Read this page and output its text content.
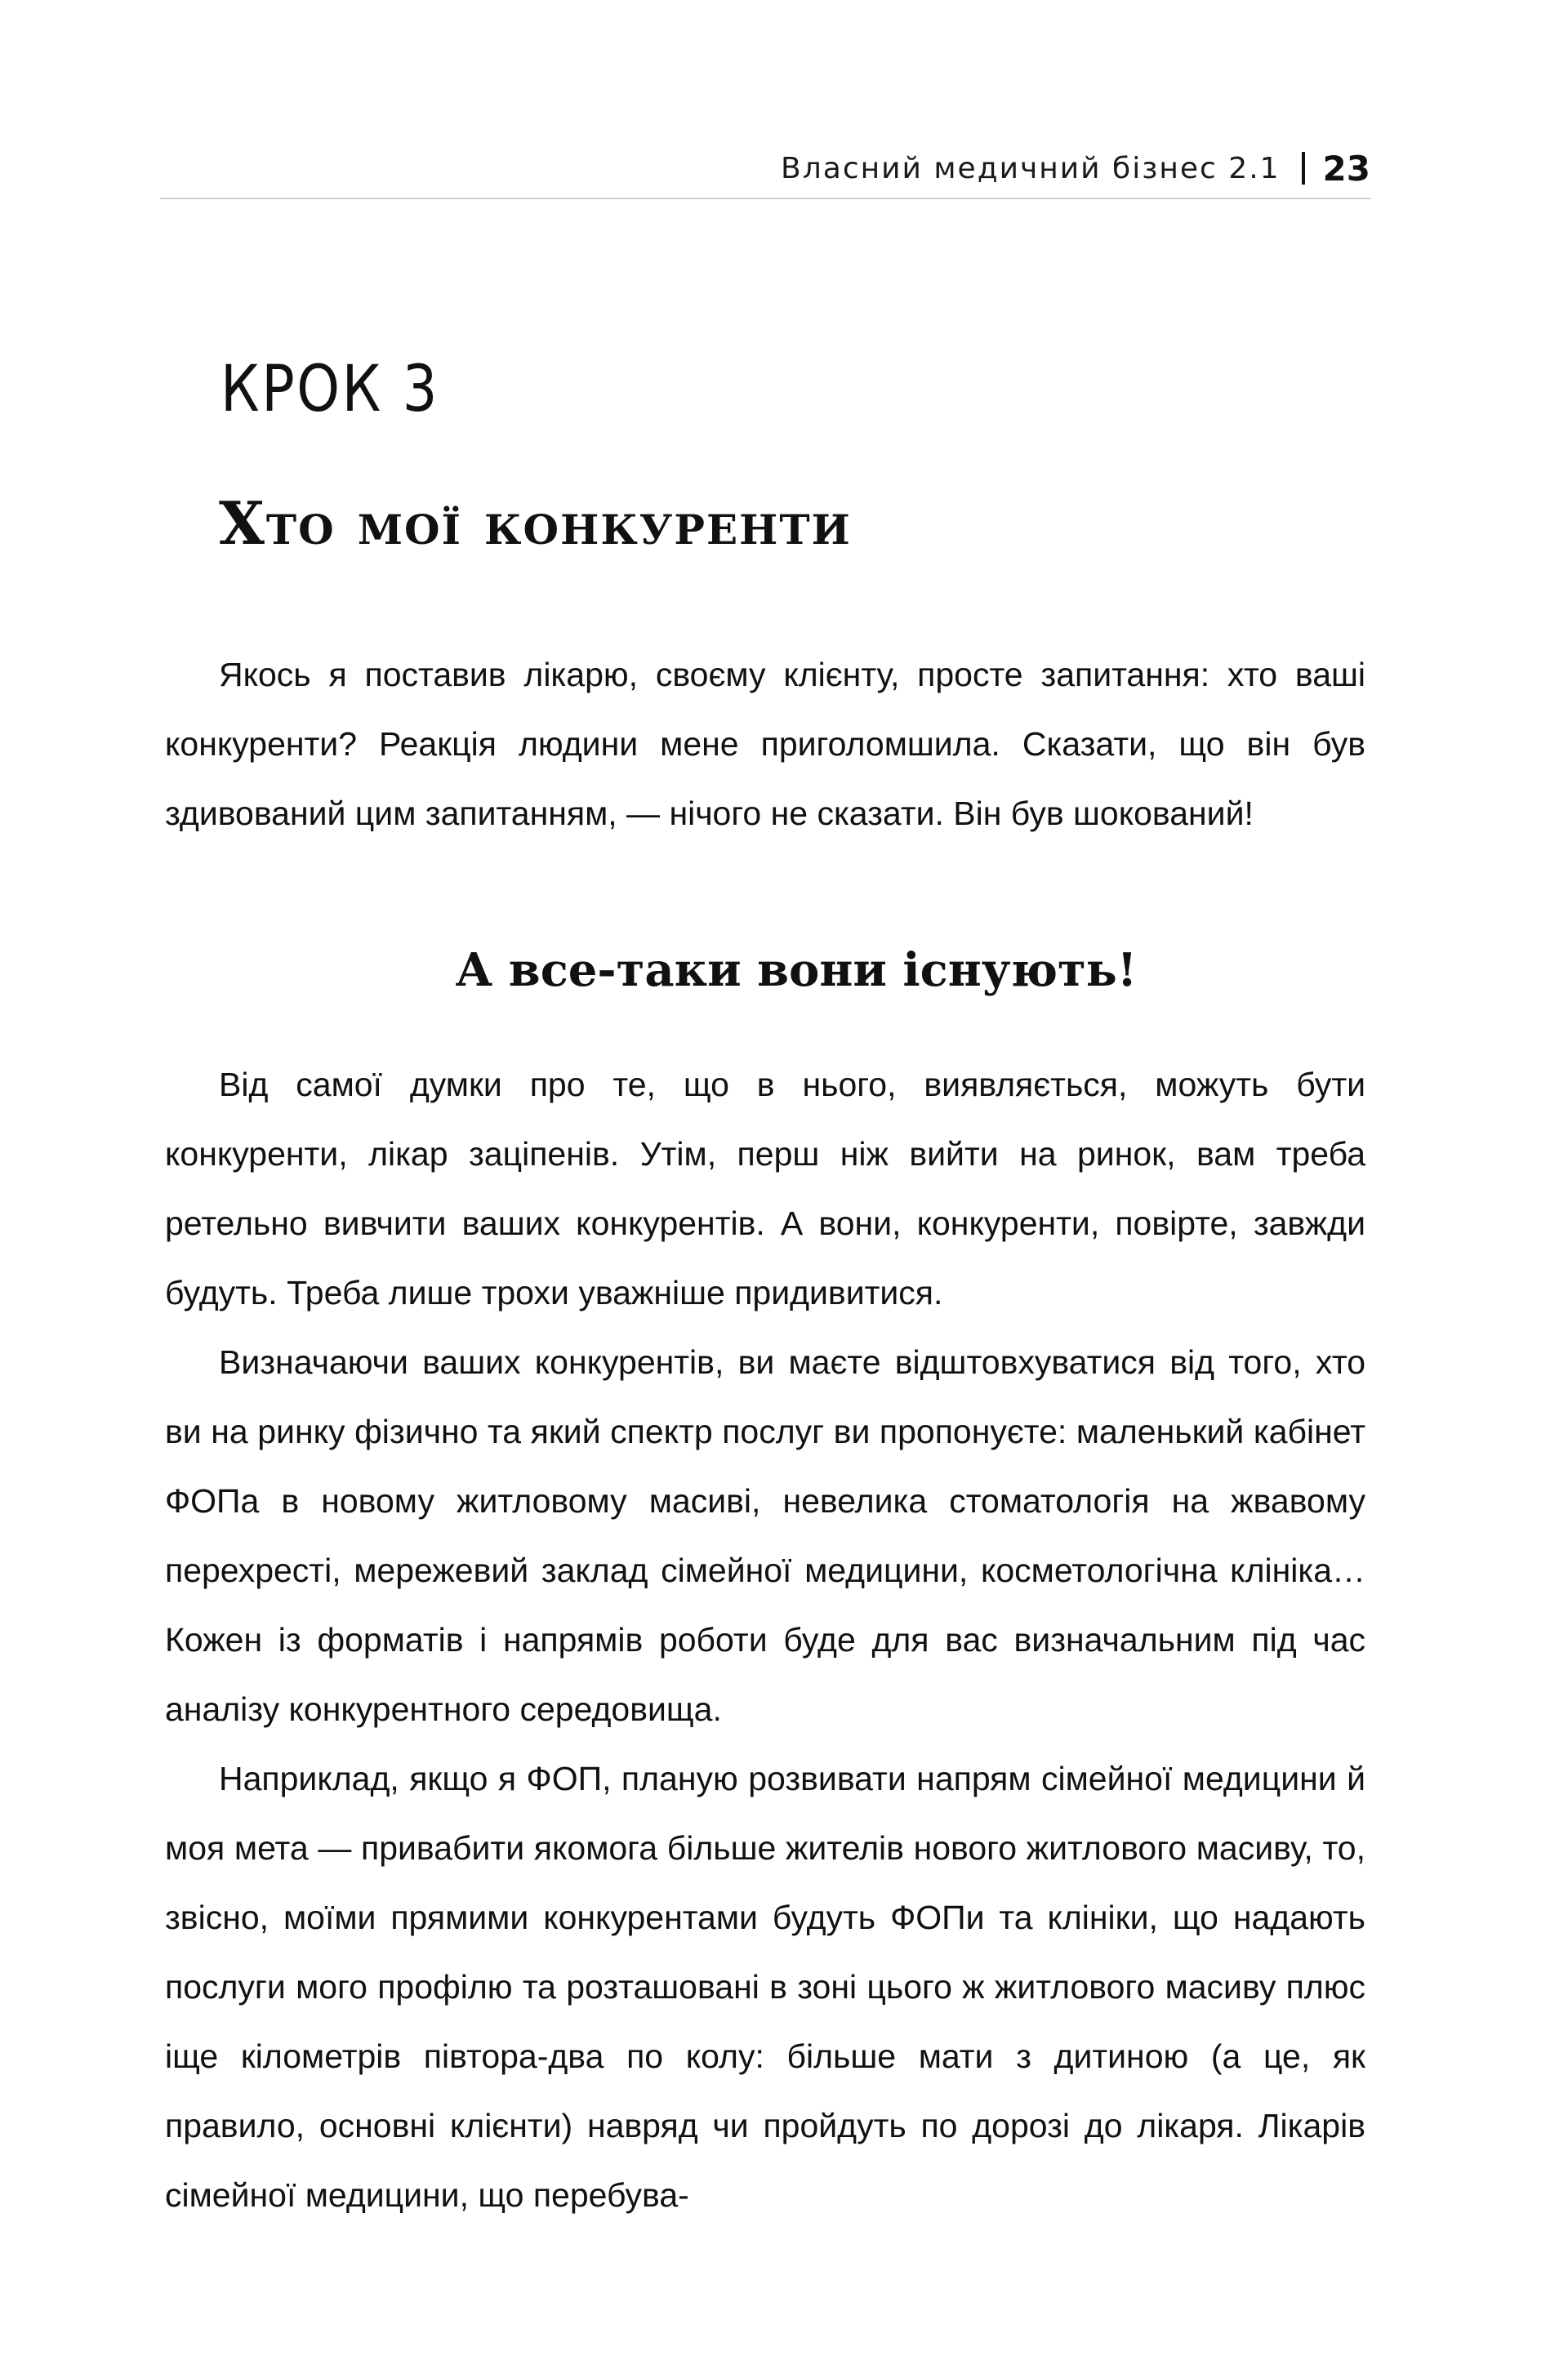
Власний медичний бізнес 2.1 23
КРОК 3
Хто мої конкуренти

Якось я поставив лікарю, своєму клієнту, просте запитання: хто ваші конкуренти? Реакція людини мене приголомшила. Сказати, що він був здивований цим запитанням, — нічого не сказати. Він був шокований!

А все-таки вони існують!

Від самої думки про те, що в нього, виявляється, можуть бути конкуренти, лікар заціпенів. Утім, перш ніж вийти на ринок, вам треба ретельно вивчити ваших конкурентів. А вони, конкуренти, повірте, завжди будуть. Треба лише трохи уважніше придивитися.

Визначаючи ваших конкурентів, ви маєте відштовхуватися від того, хто ви на ринку фізично та який спектр послуг ви пропонуєте: маленький кабінет ФОПа в новому житловому масиві, невелика стоматологія на жвавому перехресті, мережевий заклад сімейної медицини, косметологічна клініка… Кожен із форматів і напрямів роботи буде для вас визначальним під час аналізу конкурентного середовища.

Наприклад, якщо я ФОП, планую розвивати напрям сімейної медицини й моя мета — привабити якомога більше жителів нового житлового масиву, то, звісно, моїми прямими конкурентами будуть ФОПи та клініки, що надають послуги мого профілю та розташовані в зоні цього ж житлового масиву плюс іще кілометрів півтора-два по колу: більше мати з дитиною (а це, як правило, основні клієнти) навряд чи пройдуть по дорозі до лікаря. Лікарів сімейної медицини, що перебува-
